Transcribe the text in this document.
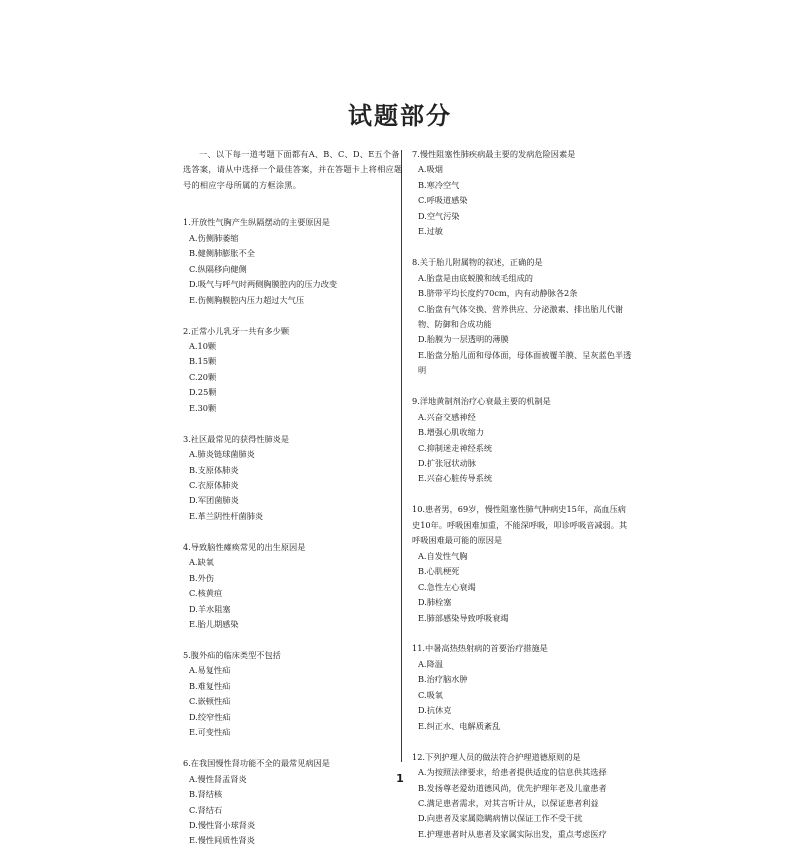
试题部分

一、以下每一道考题下面都有A、B、C、D、E五个备选答案，请从中选择一个最佳答案，并在答题卡上将相应题号的相应字母所属的方框涂黑。

1.开放性气胸产生纵隔摆动的主要原因是
A.伤侧肺萎缩
B.健侧肺膨胀不全
C.纵隔移向健侧
D.吸气与呼气时两侧胸膜腔内的压力改变
E.伤侧胸膜腔内压力超过大气压
2.正常小儿乳牙一共有多少颗
A.10颗
B.15颗
C.20颗
D.25颗
E.30颗
3.社区最常见的获得性肺炎是
A.肺炎链球菌肺炎
B.支原体肺炎
C.衣原体肺炎
D.军团菌肺炎
E.革兰阴性杆菌肺炎
4.导致脑性瘫痪常见的出生原因是
A.缺氧
B.外伤
C.核黄疸
D.羊水阻塞
E.胎儿期感染
5.腹外疝的临床类型不包括
A.易复性疝
B.难复性疝
C.嵌顿性疝
D.绞窄性疝
E.可变性疝
6.在我国慢性肾功能不全的最常见病因是
A.慢性肾盂肾炎
B.肾结核
C.肾结石
D.慢性肾小球肾炎
E.慢性间质性肾炎
7.慢性阻塞性肺疾病最主要的发病危险因素是
A.吸烟
B.寒冷空气
C.呼吸道感染
D.空气污染
E.过敏
8.关于胎儿附属物的叙述，正确的是
A.胎盘是由底蜕膜和绒毛组成的
B.脐带平均长度约70cm，内有动静脉各2条
C.胎盘有气体交换、营养供应、分泌激素、排出胎儿代谢物、防御和合成功能
D.胎膜为一层透明的薄膜
E.胎盘分胎儿面和母体面，母体面被覆羊膜、呈灰蓝色半透明
9.洋地黄制剂治疗心衰最主要的机制是
A.兴奋交感神经
B.增强心肌收缩力
C.抑制迷走神经系统
D.扩张冠状动脉
E.兴奋心脏传导系统
10.患者男，69岁，慢性阻塞性肺气肿病史15年，高血压病史10年。呼吸困难加重，不能深呼吸，叩诊呼吸音减弱。其呼吸困难最可能的原因是
A.自发性气胸
B.心肌梗死
C.急性左心衰竭
D.肺栓塞
E.肺部感染导致呼吸衰竭
11.中暑高热热射病的首要治疗措施是
A.降温
B.治疗脑水肿
C.吸氧
D.抗休克
E.纠正水、电解质紊乱
12.下列护理人员的做法符合护理道德原则的是
A.为按照法律要求，给患者提供适度的信息供其选择
B.发扬尊老爱幼道德风尚，优先护理年老及儿童患者
C.满足患者需求，对其言听计从，以保证患者利益
D.向患者及家属隐瞒病情以保证工作不受干扰
E.护理患者时从患者及家属实际出发，重点考虑医疗
1
